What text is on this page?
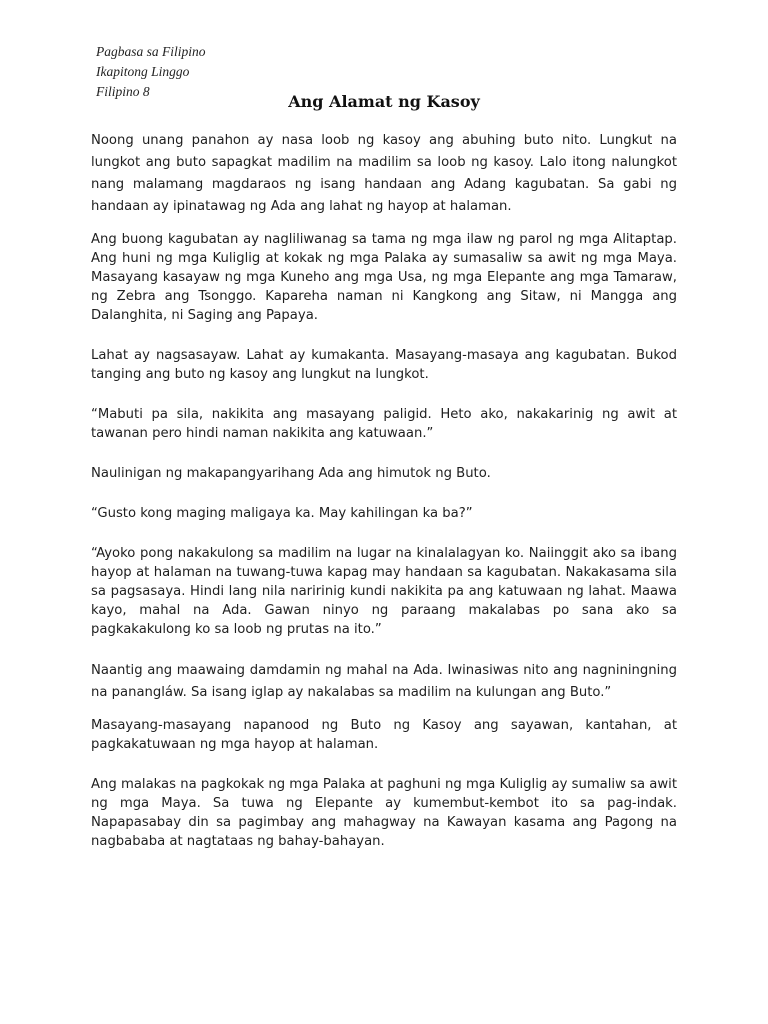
Pagbasa sa Filipino
Ikapitong Linggo
Filipino 8
Ang Alamat ng Kasoy

Noong unang panahon ay nasa loob ng kasoy ang abuhing buto nito. Lungkut na lungkot ang buto sapagkat madilim na madilim sa loob ng kasoy. Lalo itong nalungkot nang malamang magdaraos ng isang handaan ang Adang kagubatan. Sa gabi ng handaan ay ipinatawag ng Ada ang lahat ng hayop at halaman.

Ang buong kagubatan ay nagliliwanag sa tama ng mga ilaw ng parol ng mga Alitaptap. Ang huni ng mga Kuliglig at kokak ng mga Palaka ay sumasaliw sa awit ng mga Maya. Masayang kasayaw ng mga Kuneho ang mga Usa, ng mga Elepante ang mga Tamaraw, ng Zebra ang Tsonggo. Kapareha naman ni Kangkong ang Sitaw, ni Mangga ang Dalanghita, ni Saging ang Papaya.

Lahat ay nagsasayaw. Lahat ay kumakanta. Masayang-masaya ang kagubatan. Bukod tanging ang buto ng kasoy ang lungkut na lungkot.

“Mabuti pa sila, nakikita ang masayang paligid. Heto ako, nakakarinig ng awit at tawanan pero hindi naman nakikita ang katuwaan.”

Naulinigan ng makapangyarihang Ada ang himutok ng Buto.

“Gusto kong maging maligaya ka. May kahilingan ka ba?”

“Ayoko pong nakakulong sa madilim na lugar na kinalalagyan ko. Naiinggit ako sa ibang hayop at halaman na tuwang-tuwa kapag may handaan sa kagubatan. Nakakasama sila sa pagsasaya. Hindi lang nila naririnig kundi nakikita pa ang katuwaan ng lahat. Maawa kayo, mahal na Ada. Gawan ninyo ng paraang makalabas po sana ako sa pagkakakulong ko sa loob ng prutas na ito.”

Naantig ang maawaing damdamin ng mahal na Ada. Iwinasiwas nito ang nagniningning na panangláw. Sa isang iglap ay nakalabas sa madilim na kulungan ang Buto.”

Masayang-masayang napanood ng Buto ng Kasoy ang sayawan, kantahan, at pagkakatuwaan ng mga hayop at halaman.

Ang malakas na pagkokak ng mga Palaka at paghuni ng mga Kuliglig ay sumaliw sa awit ng mga Maya. Sa tuwa ng Elepante ay kumembut-kembot ito sa pag-indak. Napapasabay din sa pagimbay ang mahagway na Kawayan kasama ang Pagong na nagbababa at nagtataas ng bahay-bahayan.
